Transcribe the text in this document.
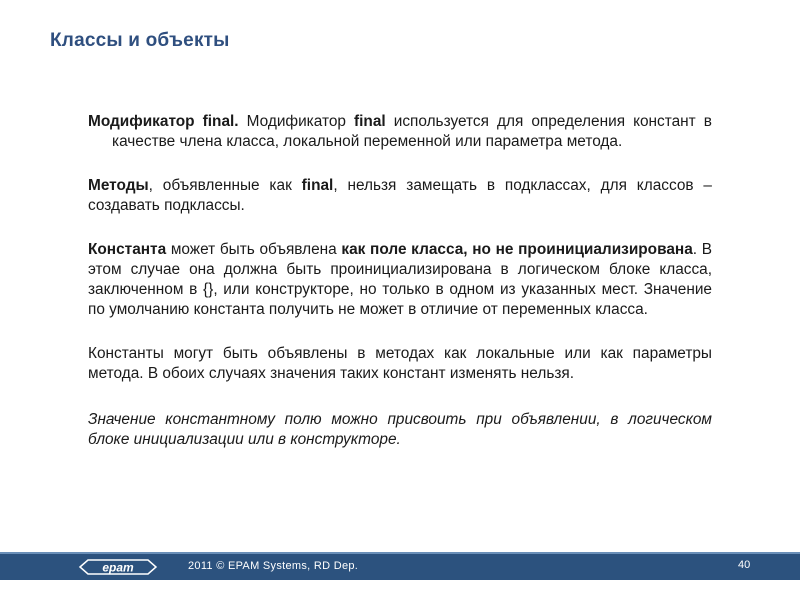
Классы и объекты

Модификатор final. Модификатор final используется для определения констант в качестве члена класса, локальной переменной или параметра метода.

Методы, объявленные как final, нельзя замещать в подклассах, для классов – создавать подклассы.

Константа может быть объявлена как поле класса, но не проинициализирована. В этом случае она должна быть проинициализирована в логическом блоке класса, заключенном в {}, или конструкторе, но только в одном из указанных мест. Значение по умолчанию константа получить не может в отличие от переменных класса.

Константы могут быть объявлены в методах как локальные или как параметры метода. В обоих случаях значения таких констант изменять нельзя.

Значение константному полю можно присвоить при объявлении, в логическом блоке инициализации или в конструкторе.

epam	2011 © EPAM Systems, RD Dep.	40
